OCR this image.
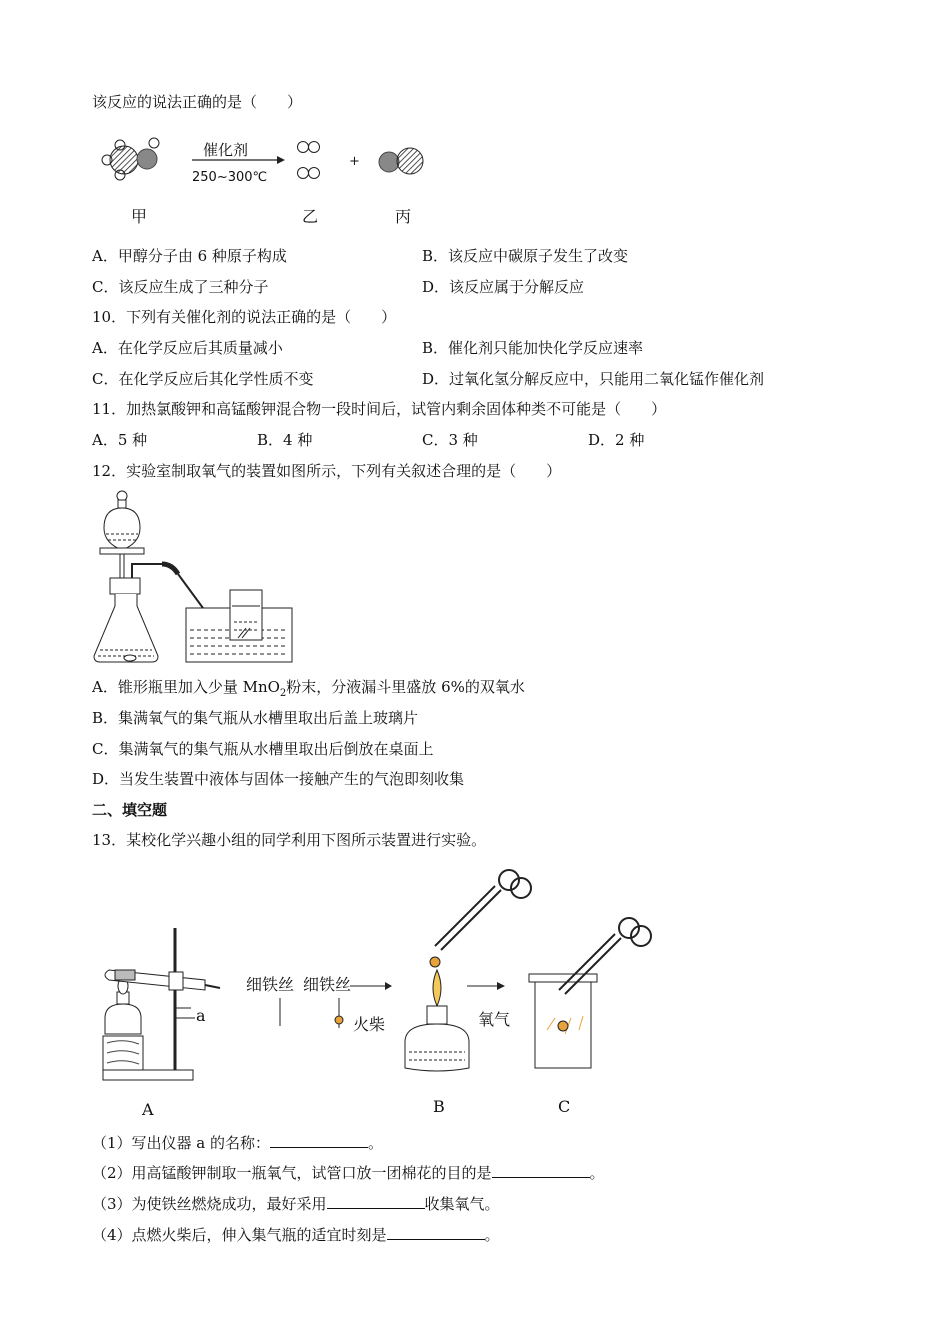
该反应的说法正确的是（　　）
催化剂
250~300℃
+
甲	乙	丙
A．甲醇分子由 6 种原子构成	B．该反应中碳原子发生了改变
C．该反应生成了三种分子	D．该反应属于分解反应
10．下列有关催化剂的说法正确的是（　　）
A．在化学反应后其质量减小	B．催化剂只能加快化学反应速率
C．在化学反应后其化学性质不变	D．过氧化氢分解反应中，只能用二氧化锰作催化剂
11．加热氯酸钾和高锰酸钾混合物一段时间后，试管内剩余固体种类不可能是（　　）
A．5 种	B．4 种	C．3 种	D．2 种
12．实验室制取氧气的装置如图所示，下列有关叙述合理的是（　　）
A．锥形瓶里加入少量 MnO$_2$粉末，分液漏斗里盛放 6%的双氧水
B．集满氧气的集气瓶从水槽里取出后盖上玻璃片
C．集满氧气的集气瓶从水槽里取出后倒放在桌面上
D．当发生装置中液体与固体一接触产生的气泡即刻收集
二、填空题
13．某校化学兴趣小组的同学利用下图所示装置进行实验。
a
细铁丝 细铁丝
火柴	氧气
A	B	C
（1）写出仪器 a 的名称：	。
（2）用高锰酸钾制取一瓶氧气，试管口放一团棉花的目的是	。
（3）为使铁丝燃烧成功，最好采用	收集氧气。
（4）点燃火柴后，伸入集气瓶的适宜时刻是	。
